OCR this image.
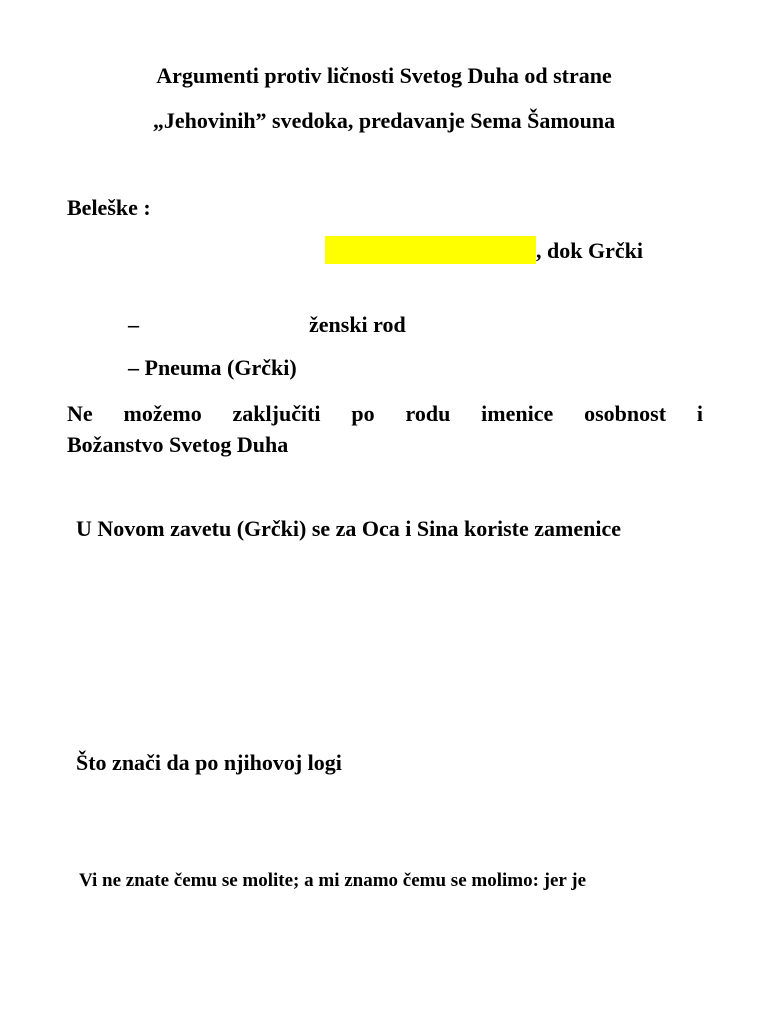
Argumenti protiv ličnosti Svetog Duha od strane
„Jehovinih” svedoka, predavanje Sema Šamouna
Beleške :
, dok Grčki
–	ženski rod
– Pneuma (Grčki)
Ne možemo zaključiti po rodu imenice osobnost i
Božanstvo Svetog Duha
U Novom zavetu (Grčki) se za Oca i Sina koriste zamenice
Što znači da po njihovoj logi
Vi ne znate čemu se molite; a mi znamo čemu se molimo: jer je
